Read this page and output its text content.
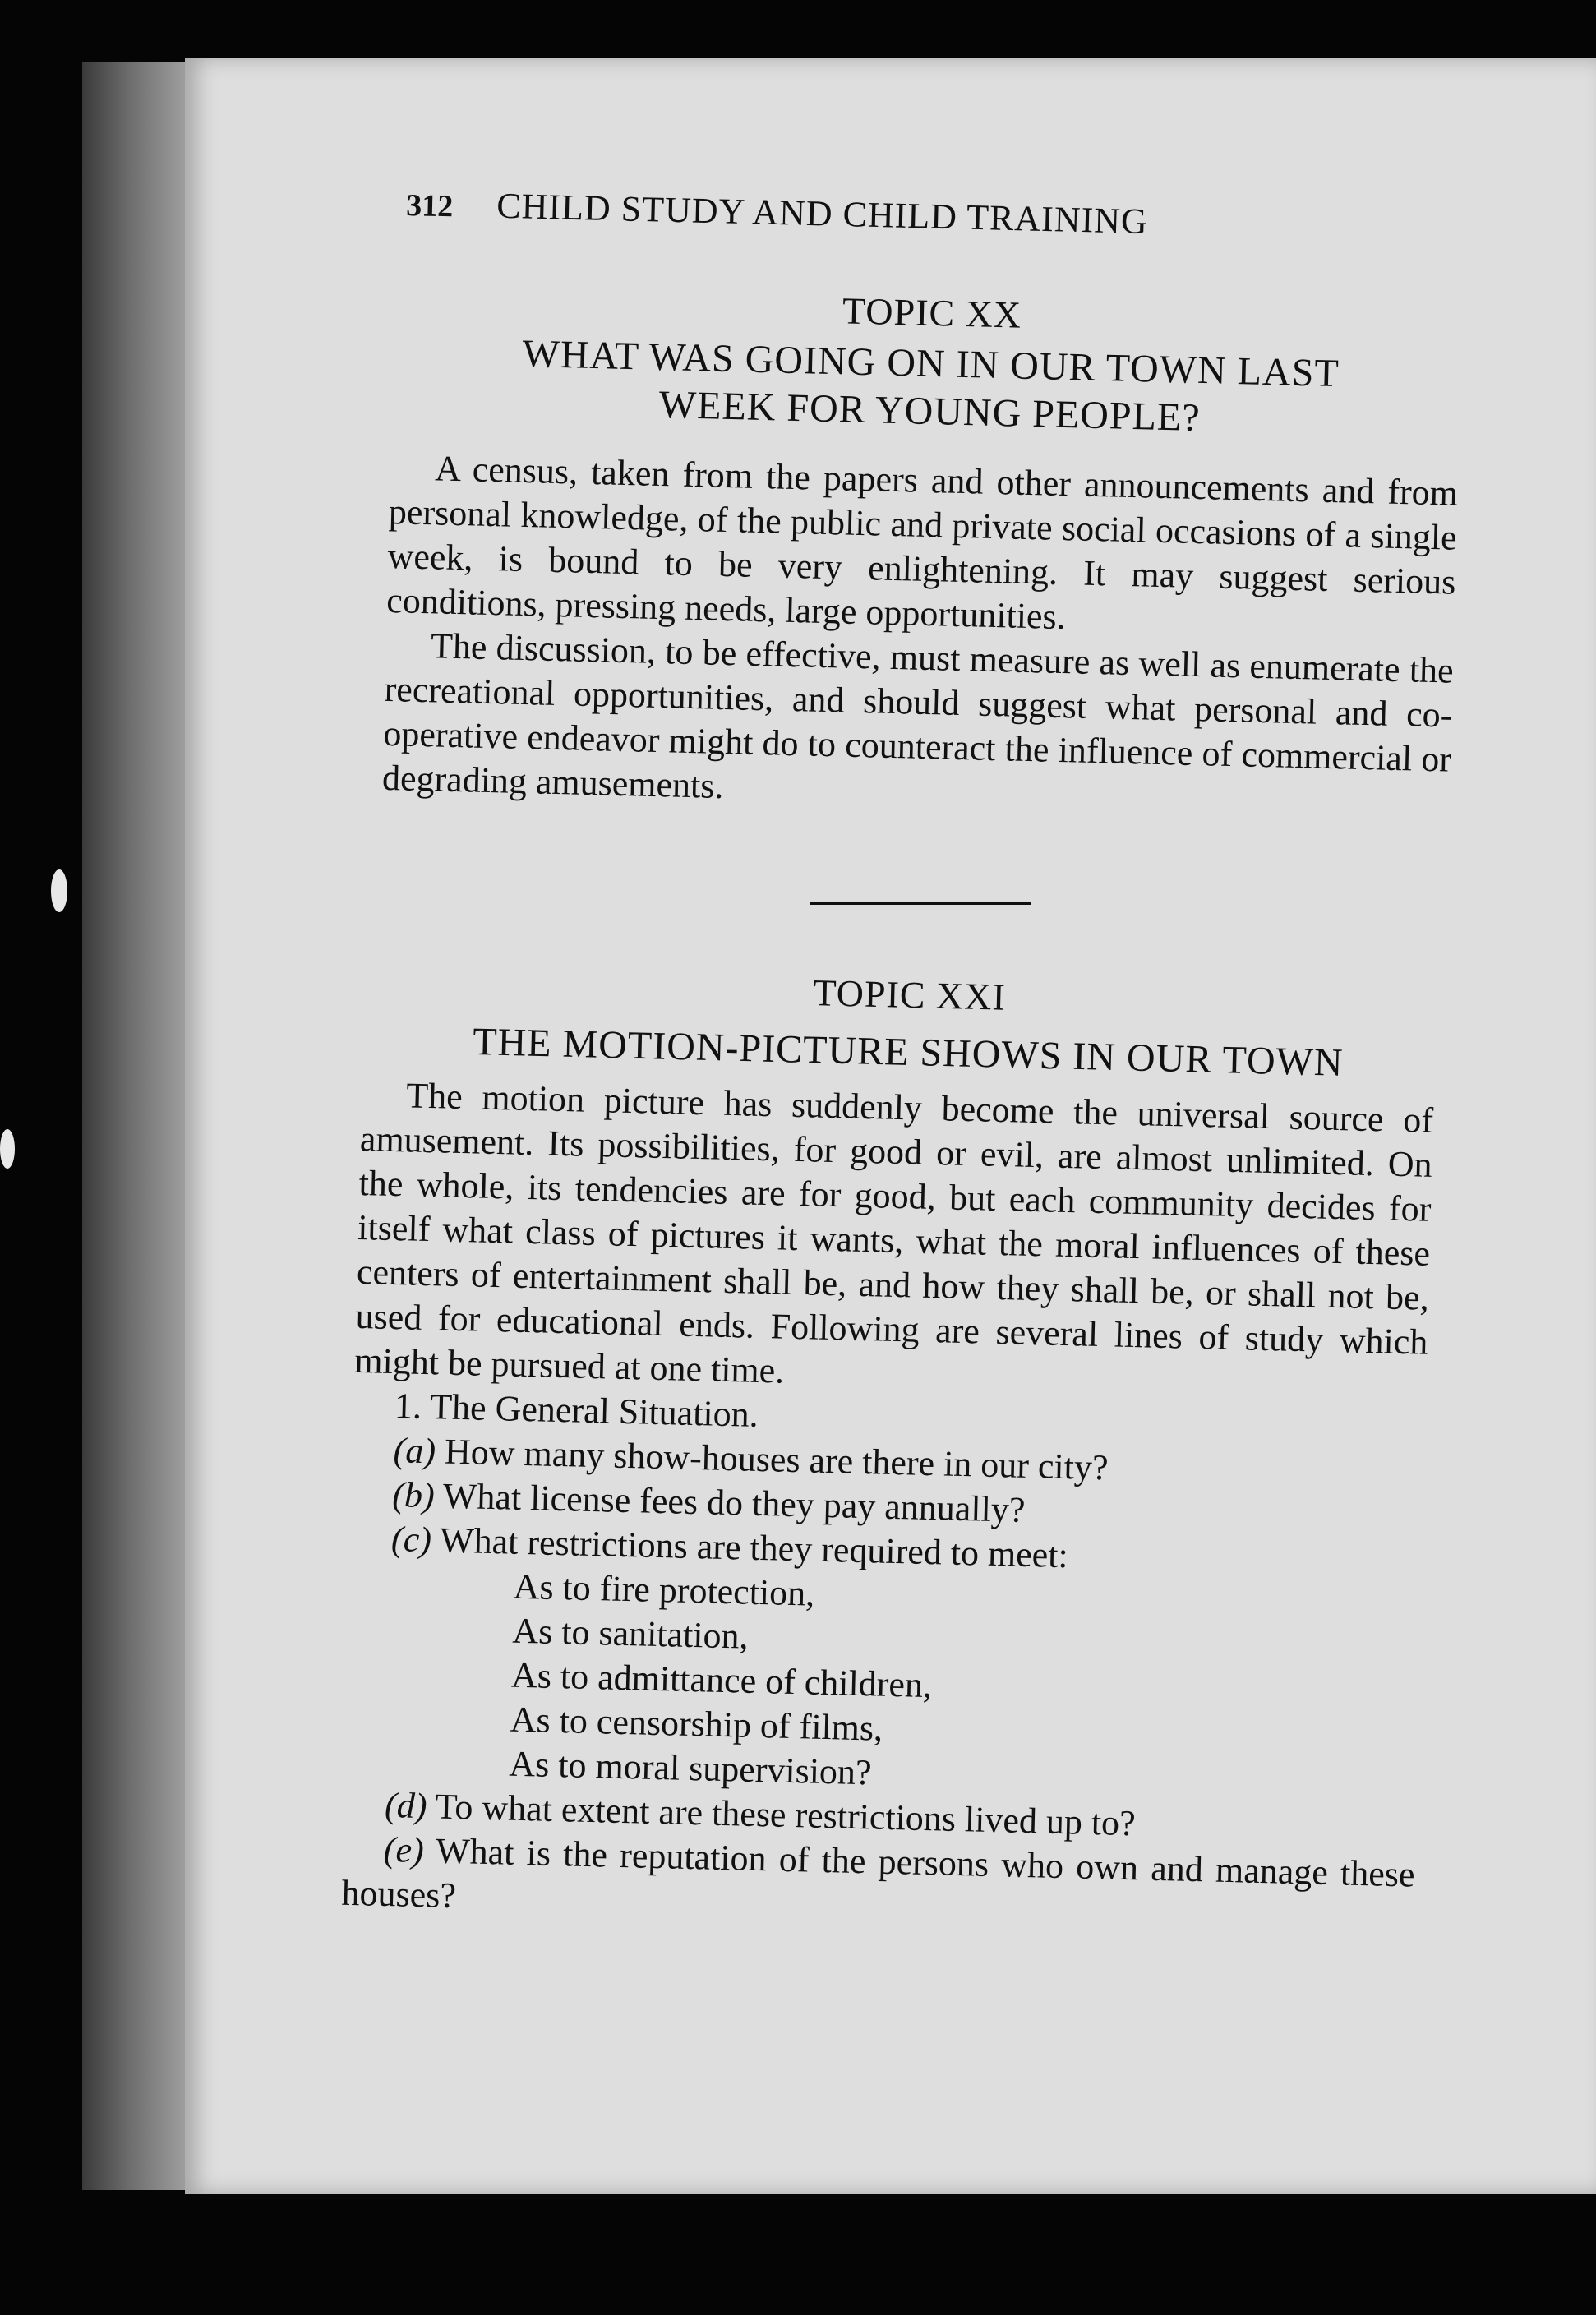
312	CHILD STUDY AND CHILD TRAINING
TOPIC XX
WHAT WAS GOING ON IN OUR TOWN LAST
WEEK FOR YOUNG PEOPLE?

A census, taken from the papers and other announcements and from personal knowledge, of the public and private social occasions of a single week, is bound to be very enlightening. It may suggest serious conditions, pressing needs, large opportunities.

The discussion, to be effective, must measure as well as enumerate the recreational opportunities, and should suggest what personal and co-operative endeavor might do to counteract the influence of commercial or degrading amusements.

TOPIC XXI
THE MOTION-PICTURE SHOWS IN OUR TOWN

The motion picture has suddenly become the universal source of amusement. Its possibilities, for good or evil, are almost unlimited. On the whole, its tendencies are for good, but each community decides for itself what class of pictures it wants, what the moral influences of these centers of entertainment shall be, and how they shall be, or shall not be, used for educational ends. Following are several lines of study which might be pursued at one time.

1. The General Situation.

(a) How many show-houses are there in our city?

(b) What license fees do they pay annually?

(c) What restrictions are they required to meet:

As to fire protection,

As to sanitation,

As to admittance of children,

As to censorship of films,

As to moral supervision?

(d) To what extent are these restrictions lived up to?

(e) What is the reputation of the persons who own and manage these houses?
